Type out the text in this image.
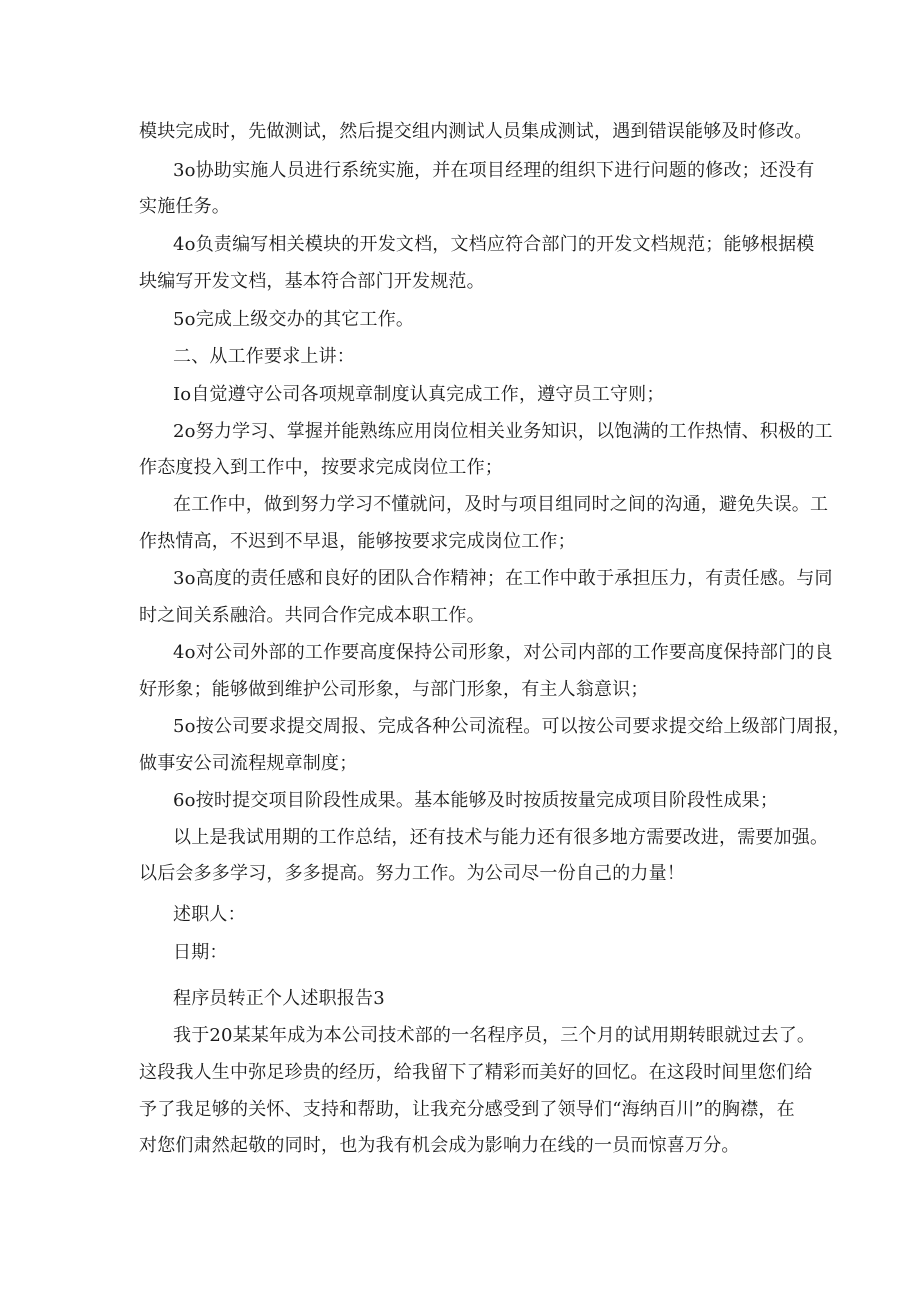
模块完成时，先做测试，然后提交组内测试人员集成测试，遇到错误能够及时修改。
3o协助实施人员进行系统实施，并在项目经理的组织下进行问题的修改；还没有
实施任务。
4o负责编写相关模块的开发文档，文档应符合部门的开发文档规范；能够根据模
块编写开发文档，基本符合部门开发规范。
5o完成上级交办的其它工作。
二、从工作要求上讲：
Io自觉遵守公司各项规章制度认真完成工作，遵守员工守则；
2o努力学习、掌握并能熟练应用岗位相关业务知识，以饱满的工作热情、积极的工
作态度投入到工作中，按要求完成岗位工作；
在工作中，做到努力学习不懂就问，及时与项目组同时之间的沟通，避免失误。工
作热情高，不迟到不早退，能够按要求完成岗位工作；
3o高度的责任感和良好的团队合作精神；在工作中敢于承担压力，有责任感。与同
时之间关系融洽。共同合作完成本职工作。
4o对公司外部的工作要高度保持公司形象，对公司内部的工作要高度保持部门的良
好形象；能够做到维护公司形象，与部门形象，有主人翁意识；
5o按公司要求提交周报、完成各种公司流程。可以按公司要求提交给上级部门周报，
做事安公司流程规章制度；
6o按时提交项目阶段性成果。基本能够及时按质按量完成项目阶段性成果；
以上是我试用期的工作总结，还有技术与能力还有很多地方需要改进，需要加强。
以后会多多学习，多多提高。努力工作。为公司尽一份自己的力量！
述职人：
日期：
程序员转正个人述职报告3
我于20某某年成为本公司技术部的一名程序员，三个月的试用期转眼就过去了。
这段我人生中弥足珍贵的经历，给我留下了精彩而美好的回忆。在这段时间里您们给
予了我足够的关怀、支持和帮助，让我充分感受到了领导们“海纳百川”的胸襟，在
对您们肃然起敬的同时，也为我有机会成为影响力在线的一员而惊喜万分。
